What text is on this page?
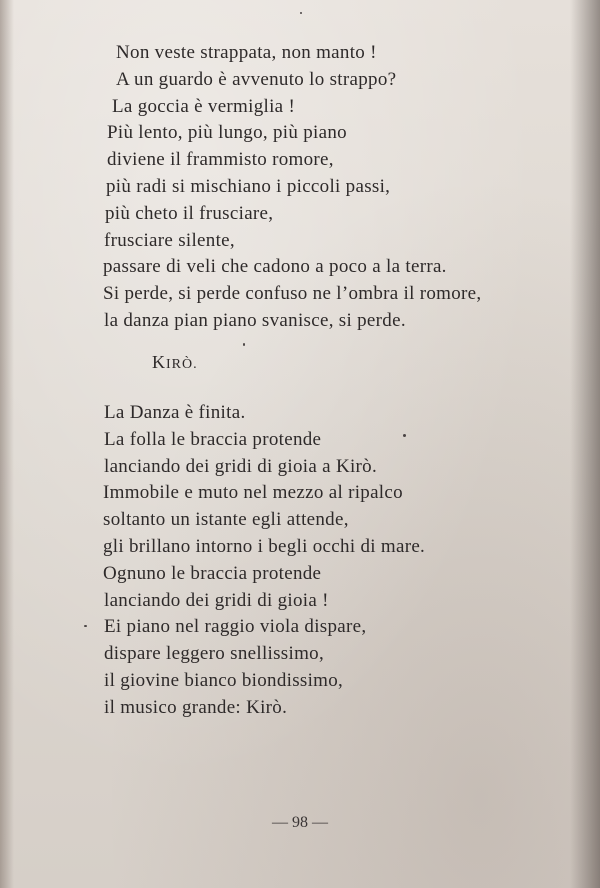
Non veste strappata, non manto !
A un guardo è avvenuto lo strappo?
La goccia è vermiglia !
Più lento, più lungo, più piano
diviene il frammisto romore,
più radi si mischiano i piccoli passi,
più cheto il frusciare,
frusciare silente,
passare di veli che cadono a poco a la terra.
Si perde, si perde confuso ne l’ombra il romore,
la danza pian piano svanisce, si perde.
KIRÒ.
La Danza è finita.
La folla le braccia protende
lanciando dei gridi di gioia a Kirò.
Immobile e muto nel mezzo al ripalco
soltanto un istante egli attende,
gli brillano intorno i begli occhi di mare.
Ognuno le braccia protende
lanciando dei gridi di gioia !
Ei piano nel raggio viola dispare,
dispare leggero snellissimo,
il giovine bianco biondissimo,
il musico grande: Kirò.
— 98 —
